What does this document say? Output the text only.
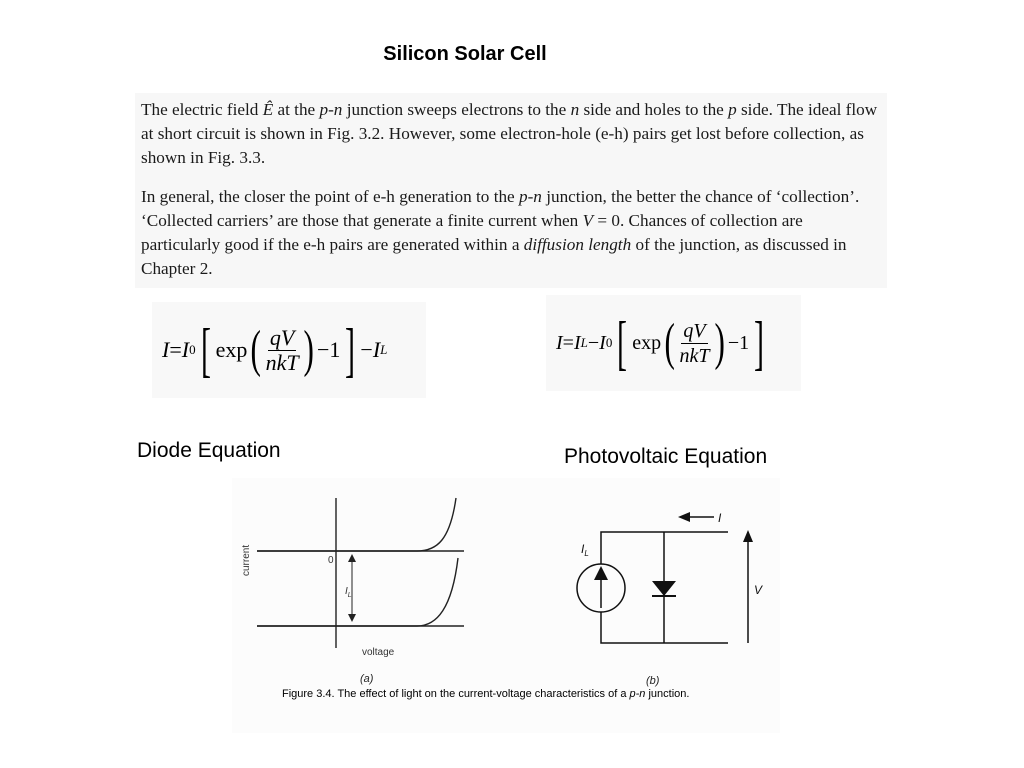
Silicon Solar Cell
The electric field Ê at the p-n junction sweeps electrons to the n side and holes to the p side. The ideal flow at short circuit is shown in Fig. 3.2. However, some electron-hole (e-h) pairs get lost before collection, as shown in Fig. 3.3.
In general, the closer the point of e-h generation to the p-n junction, the better the chance of ‘collection’. ‘Collected carriers’ are those that generate a finite current when V = 0. Chances of collection are particularly good if the e-h pairs are generated within a diffusion length of the junction, as discussed in Chapter 2.
I = I 0 [ exp ( $\frac{qV}{\text{nkT}}$ ) −1 ] − I L	I = I L − I 0 [ exp ( $\frac{qV}{\text{nkT}}$ ) −1 ]
Diode Equation	Photovoltaic Equation
current	0
$I_L$
voltage
(a)
$I_L$
I
V
(b)
Figure 3.4. The effect of light on the current-voltage characteristics of a p-n junction.
